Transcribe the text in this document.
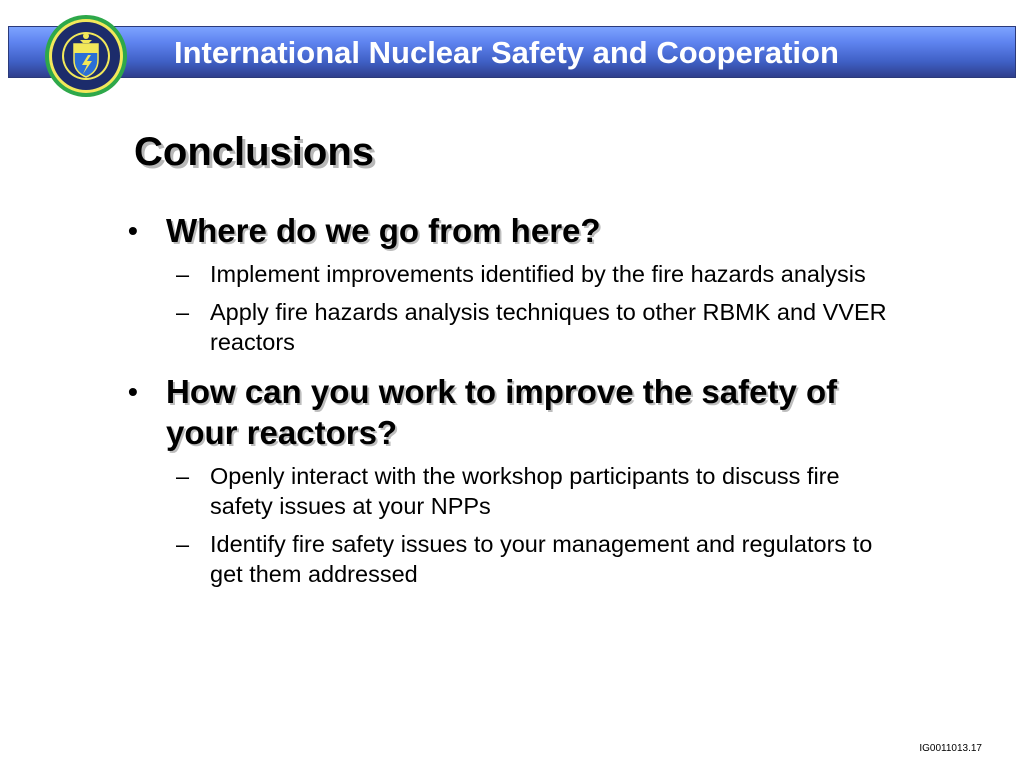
International Nuclear Safety and Cooperation
Conclusions
• Where do we go from here?
– Implement improvements identified by the fire hazards analysis
– Apply fire hazards analysis techniques to other RBMK and VVER reactors
• How can you work to improve the safety of your reactors?
– Openly interact with the workshop participants to discuss fire safety issues at your NPPs
– Identify fire safety issues to your management and regulators to get them addressed
IG0011013.17
